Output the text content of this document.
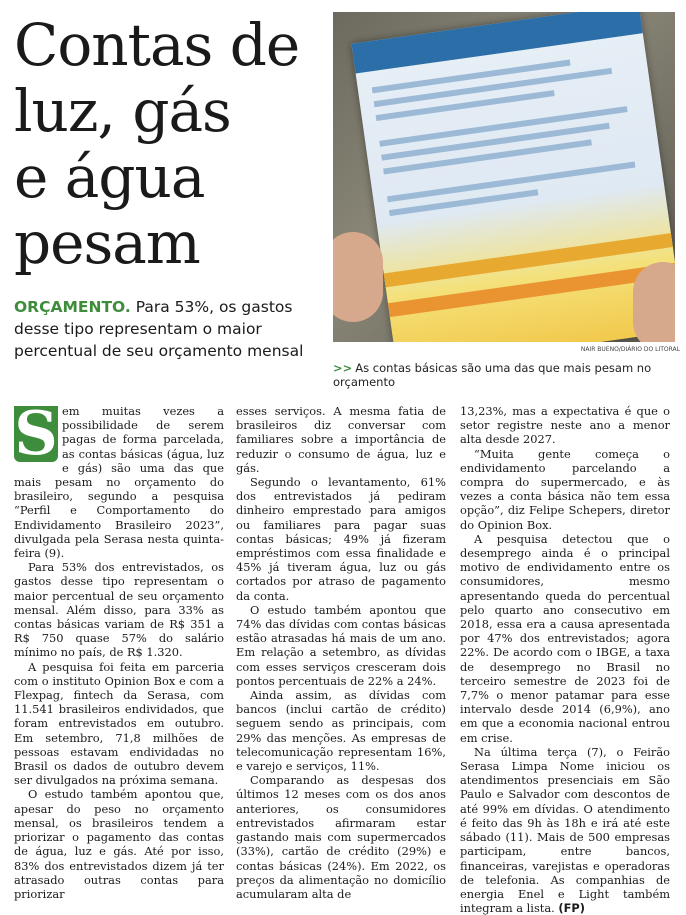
Contas de
luz, gás
e água
pesam
ORÇAMENTO. Para 53%, os gastos desse tipo representam o maior percentual de seu orçamento mensal	NAIR BUENO/DIÁRIO DO LITORAL
>> As contas básicas são uma das que mais pesam no orçamento

S em muitas vezes a possibilidade de serem pagas de forma parcelada, as contas básicas (água, luz e gás) são uma das que mais pesam no orçamento do brasileiro, segundo a pesquisa “Perfil e Comportamento do Endividamento Brasileiro 2023”, divulgada pela Serasa nesta quinta-feira (9).

Para 53% dos entrevistados, os gastos desse tipo representam o maior percentual de seu orçamento mensal. Além disso, para 33% as contas básicas variam de R$ 351 a R$ 750 quase 57% do salário mínimo no país, de R$ 1.320.

A pesquisa foi feita em parceria com o instituto Opinion Box e com a Flexpag, fintech da Serasa, com 11.541 brasileiros endividados, que foram entrevistados em outubro. Em setembro, 71,8 milhões de pessoas estavam endividadas no Brasil os dados de outubro devem ser divulgados na próxima semana.

O estudo também apontou que, apesar do peso no orçamento mensal, os brasileiros tendem a priorizar o pagamento das contas de água, luz e gás. Até por isso, 83% dos entrevistados dizem já ter atrasado outras contas para priorizar

esses serviços. A mesma fatia de brasileiros diz conversar com familiares sobre a importância de reduzir o consumo de água, luz e gás.

Segundo o levantamento, 61% dos entrevistados já pediram dinheiro emprestado para amigos ou familiares para pagar suas contas básicas; 49% já fizeram empréstimos com essa finalidade e 45% já tiveram água, luz ou gás cortados por atraso de pagamento da conta.

O estudo também apontou que 74% das dívidas com contas básicas estão atrasadas há mais de um ano. Em relação a setembro, as dívidas com esses serviços cresceram dois pontos percentuais de 22% a 24%.

Ainda assim, as dívidas com bancos (inclui cartão de crédito) seguem sendo as principais, com 29% das menções. As empresas de telecomunicação representam 16%, e varejo e serviços, 11%.

Comparando as despesas dos últimos 12 meses com os dos anos anteriores, os consumidores entrevistados afirmaram estar gastando mais com supermercados (33%), cartão de crédito (29%) e contas básicas (24%). Em 2022, os preços da alimentação no domicílio acumularam alta de

13,23%, mas a expectativa é que o setor registre neste ano a menor alta desde 2027.

“Muita gente começa o endividamento parcelando a compra do supermercado, e às vezes a conta básica não tem essa opção”, diz Felipe Schepers, diretor do Opinion Box.

A pesquisa detectou que o desemprego ainda é o principal motivo de endividamento entre os consumidores, mesmo apresentando queda do percentual pelo quarto ano consecutivo em 2018, essa era a causa apresentada por 47% dos entrevistados; agora 22%. De acordo com o IBGE, a taxa de desemprego no Brasil no terceiro semestre de 2023 foi de 7,7% o menor patamar para esse intervalo desde 2014 (6,9%), ano em que a economia nacional entrou em crise.

Na última terça (7), o Feirão Serasa Limpa Nome iniciou os atendimentos presenciais em São Paulo e Salvador com descontos de até 99% em dívidas. O atendimento é feito das 9h às 18h e irá até este sábado (11). Mais de 500 empresas participam, entre bancos, financeiras, varejistas e operadoras de telefonia. As companhias de energia Enel e Light também integram a lista. (FP)
